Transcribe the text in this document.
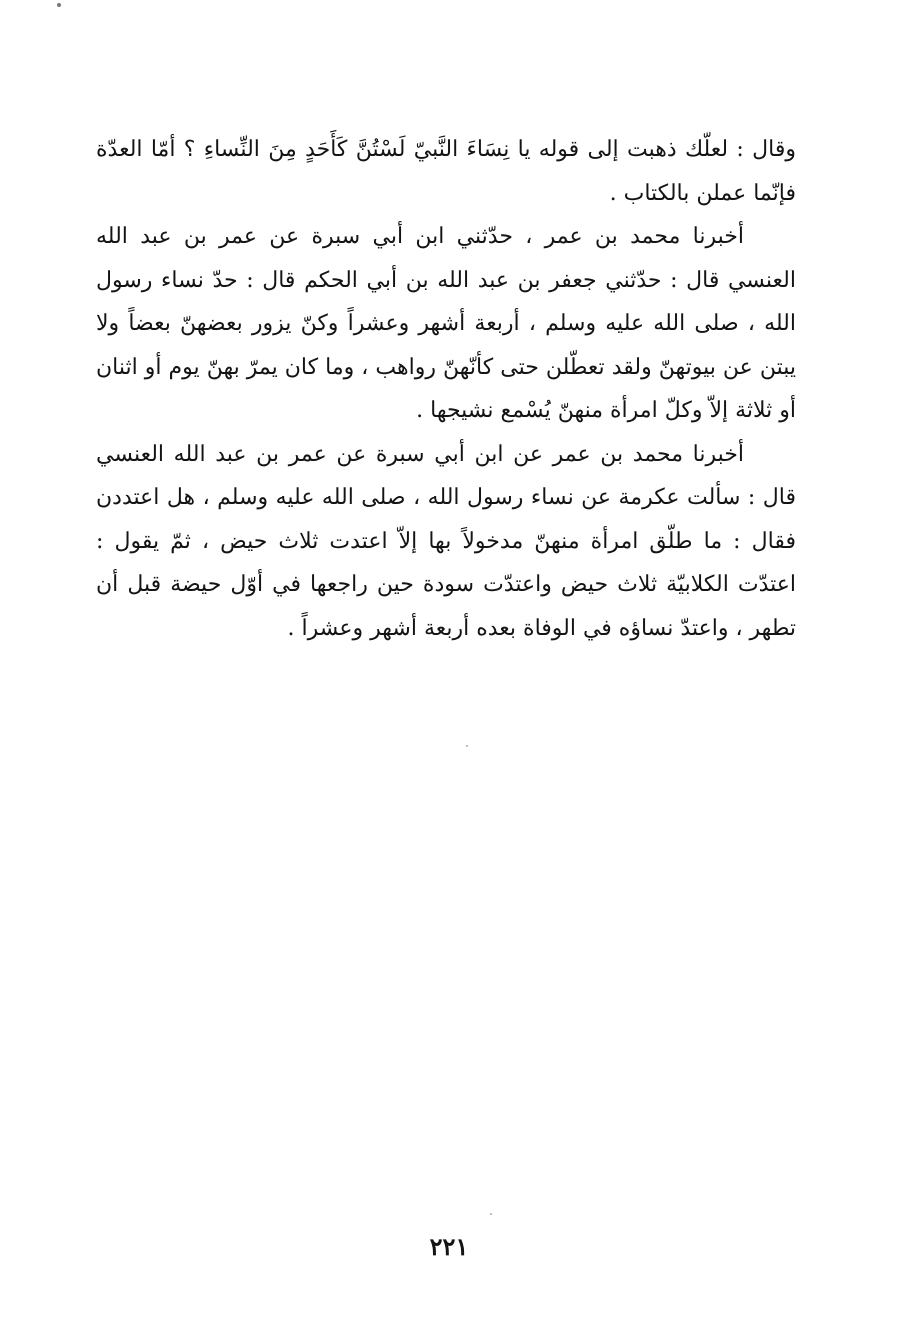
وقال : لعلّك ذهبت إلى قوله يا نِسَاءَ النَّبيّ لَسْتُنَّ كَأَحَدٍ مِنَ النِّساءِ ؟ أمّا العدّة فإنّما عملن بالكتاب .

أخبرنا محمد بن عمر ، حدّثني ابن أبي سبرة عن عمر بن عبد الله العنسي قال : حدّثني جعفر بن عبد الله بن أبي الحكم قال : حدّ نساء رسول الله ، صلى الله عليه وسلم ، أربعة أشهر وعشراً وكنّ يزور بعضهنّ بعضاً ولا يبتن عن بيوتهنّ ولقد تعطّلن حتى كأنّهنّ رواهب ، وما كان يمرّ بهنّ يوم أو اثنان أو ثلاثة إلاّ وكلّ امرأة منهنّ يُسْمع نشيجها .

أخبرنا محمد بن عمر عن ابن أبي سبرة عن عمر بن عبد الله العنسي قال : سألت عكرمة عن نساء رسول الله ، صلى الله عليه وسلم ، هل اعتددن فقال : ما طلّق امرأة منهنّ مدخولاً بها إلاّ اعتدت ثلاث حيض ، ثمّ يقول : اعتدّت الكلابيّة ثلاث حيض واعتدّت سودة حين راجعها في أوّل حيضة قبل أن تطهر ، واعتدّ نساؤه في الوفاة بعده أربعة أشهر وعشراً .

٢٢١
